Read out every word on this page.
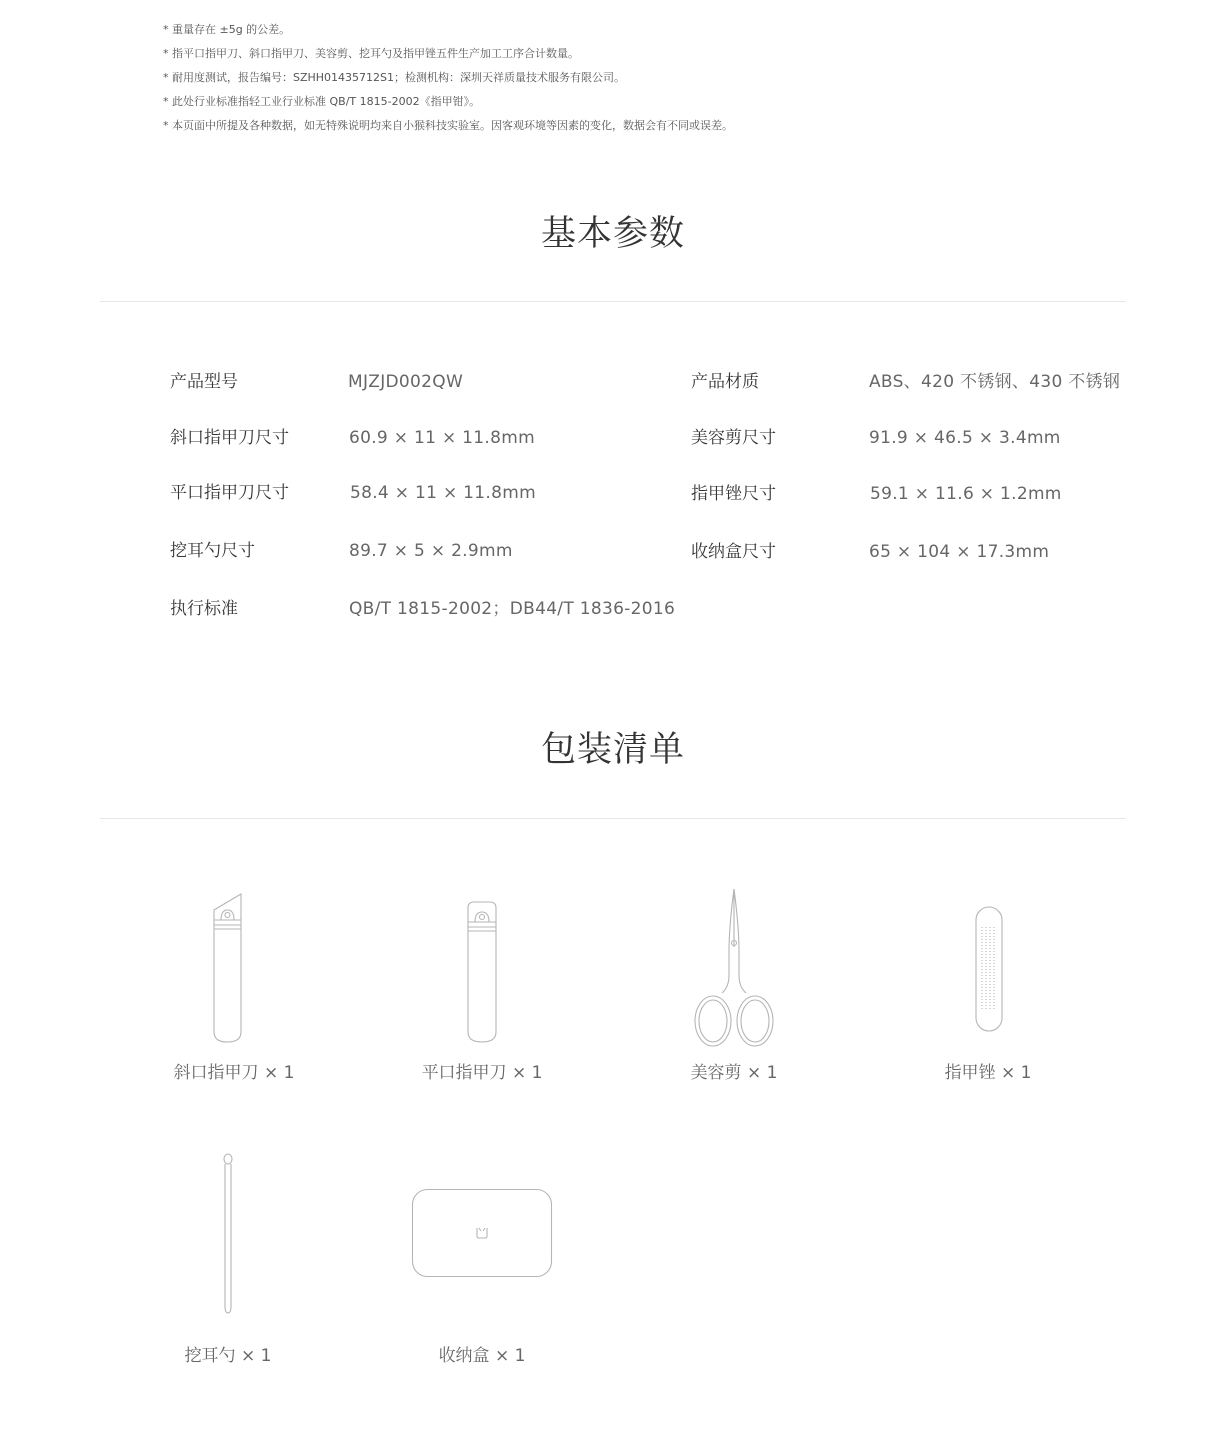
* 重量存在 ±5g 的公差。
* 指平口指甲刀、斜口指甲刀、美容剪、挖耳勺及指甲锉五件生产加工工序合计数量。
* 耐用度测试，报告编号：SZHH01435712S1；检测机构：深圳天祥质量技术服务有限公司。
* 此处行业标准指轻工业行业标准 QB/T 1815-2002《指甲钳》。
* 本页面中所提及各种数据，如无特殊说明均来自小猴科技实验室。因客观环境等因素的变化，数据会有不同或误差。
基本参数
产品型号	MJZJD002QW	产品材质	ABS、420 不锈钢、430 不锈钢
斜口指甲刀尺寸	60.9 × 11 × 11.8mm	美容剪尺寸	91.9 × 46.5 × 3.4mm
平口指甲刀尺寸	58.4 × 11 × 11.8mm	指甲锉尺寸	59.1 × 11.6 × 1.2mm
挖耳勺尺寸	89.7 × 5 × 2.9mm	收纳盒尺寸	65 × 104 × 17.3mm
执行标准	QB/T 1815-2002；DB44/T 1836-2016
包装清单
斜口指甲刀 × 1	平口指甲刀 × 1	美容剪 × 1	指甲锉 × 1
挖耳勺 × 1	收纳盒 × 1
